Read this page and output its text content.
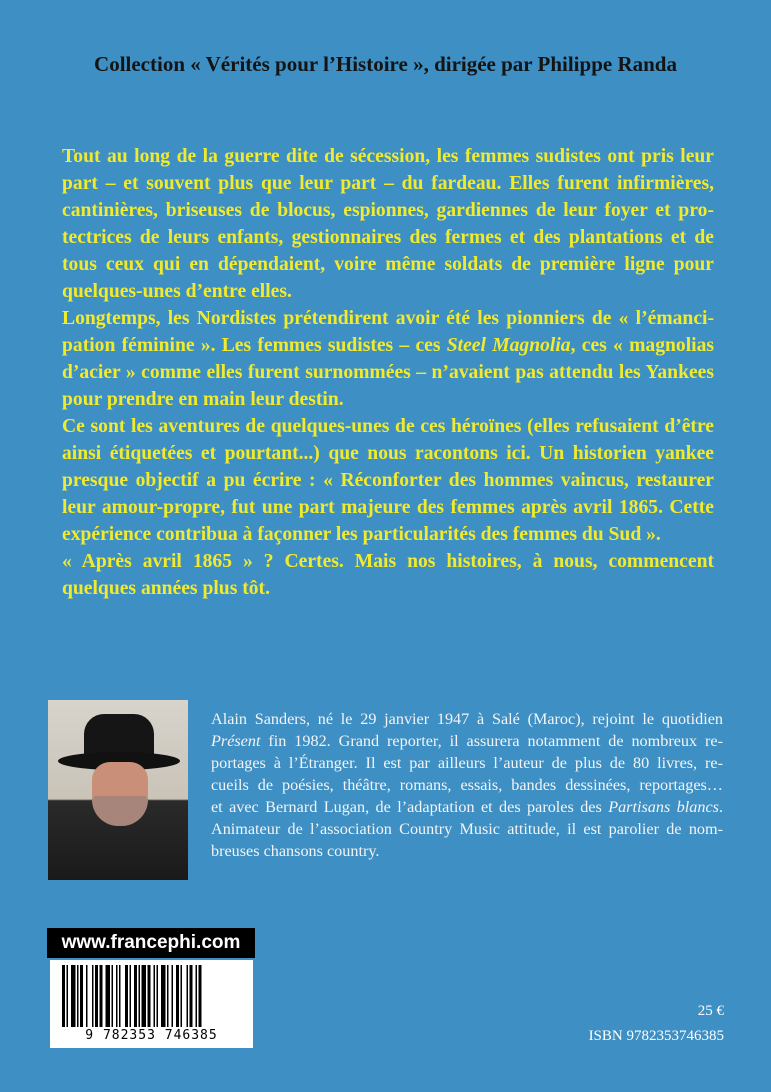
Collection « Vérités pour l’Histoire », dirigée par Philippe Randa
Tout au long de la guerre dite de sécession, les femmes sudistes ont pris leur
part – et souvent plus que leur part – du fardeau. Elles furent infirmières,
cantinières, briseuses de blocus, espionnes, gardiennes de leur foyer et pro-
tectrices de leurs enfants, gestionnaires des fermes et des plantations et de
tous ceux qui en dépendaient, voire même soldats de première ligne pour
quelques-unes d’entre elles.
Longtemps, les Nordistes prétendirent avoir été les pionniers de « l’émanci-
pation féminine ». Les femmes sudistes – ces Steel Magnolia, ces « magnolias
d’acier » comme elles furent surnommées – n’avaient pas attendu les Yankees
pour prendre en main leur destin.
Ce sont les aventures de quelques-unes de ces héroïnes (elles refusaient d’être
ainsi étiquetées et pourtant...) que nous racontons ici. Un historien yankee
presque objectif a pu écrire : « Réconforter des hommes vaincus, restaurer
leur amour-propre, fut une part majeure des femmes après avril 1865. Cette
expérience contribua à façonner les particularités des femmes du Sud ».
« Après avril 1865 » ? Certes. Mais nos histoires, à nous, commencent
quelques années plus tôt.
Alain Sanders, né le 29 janvier 1947 à Salé (Maroc), rejoint le quotidien
Présent fin 1982. Grand reporter, il assurera notamment de nombreux re-
portages à l’Étranger. Il est par ailleurs l’auteur de plus de 80 livres, re-
cueils de poésies, théâtre, romans, essais, bandes dessinées, reportages…
et avec Bernard Lugan, de l’adaptation et des paroles des Partisans blancs.
Animateur de l’association Country Music attitude, il est parolier de nom-
breuses chansons country.
www.francephi.com
9 782353 746385
25 €
ISBN 9782353746385
